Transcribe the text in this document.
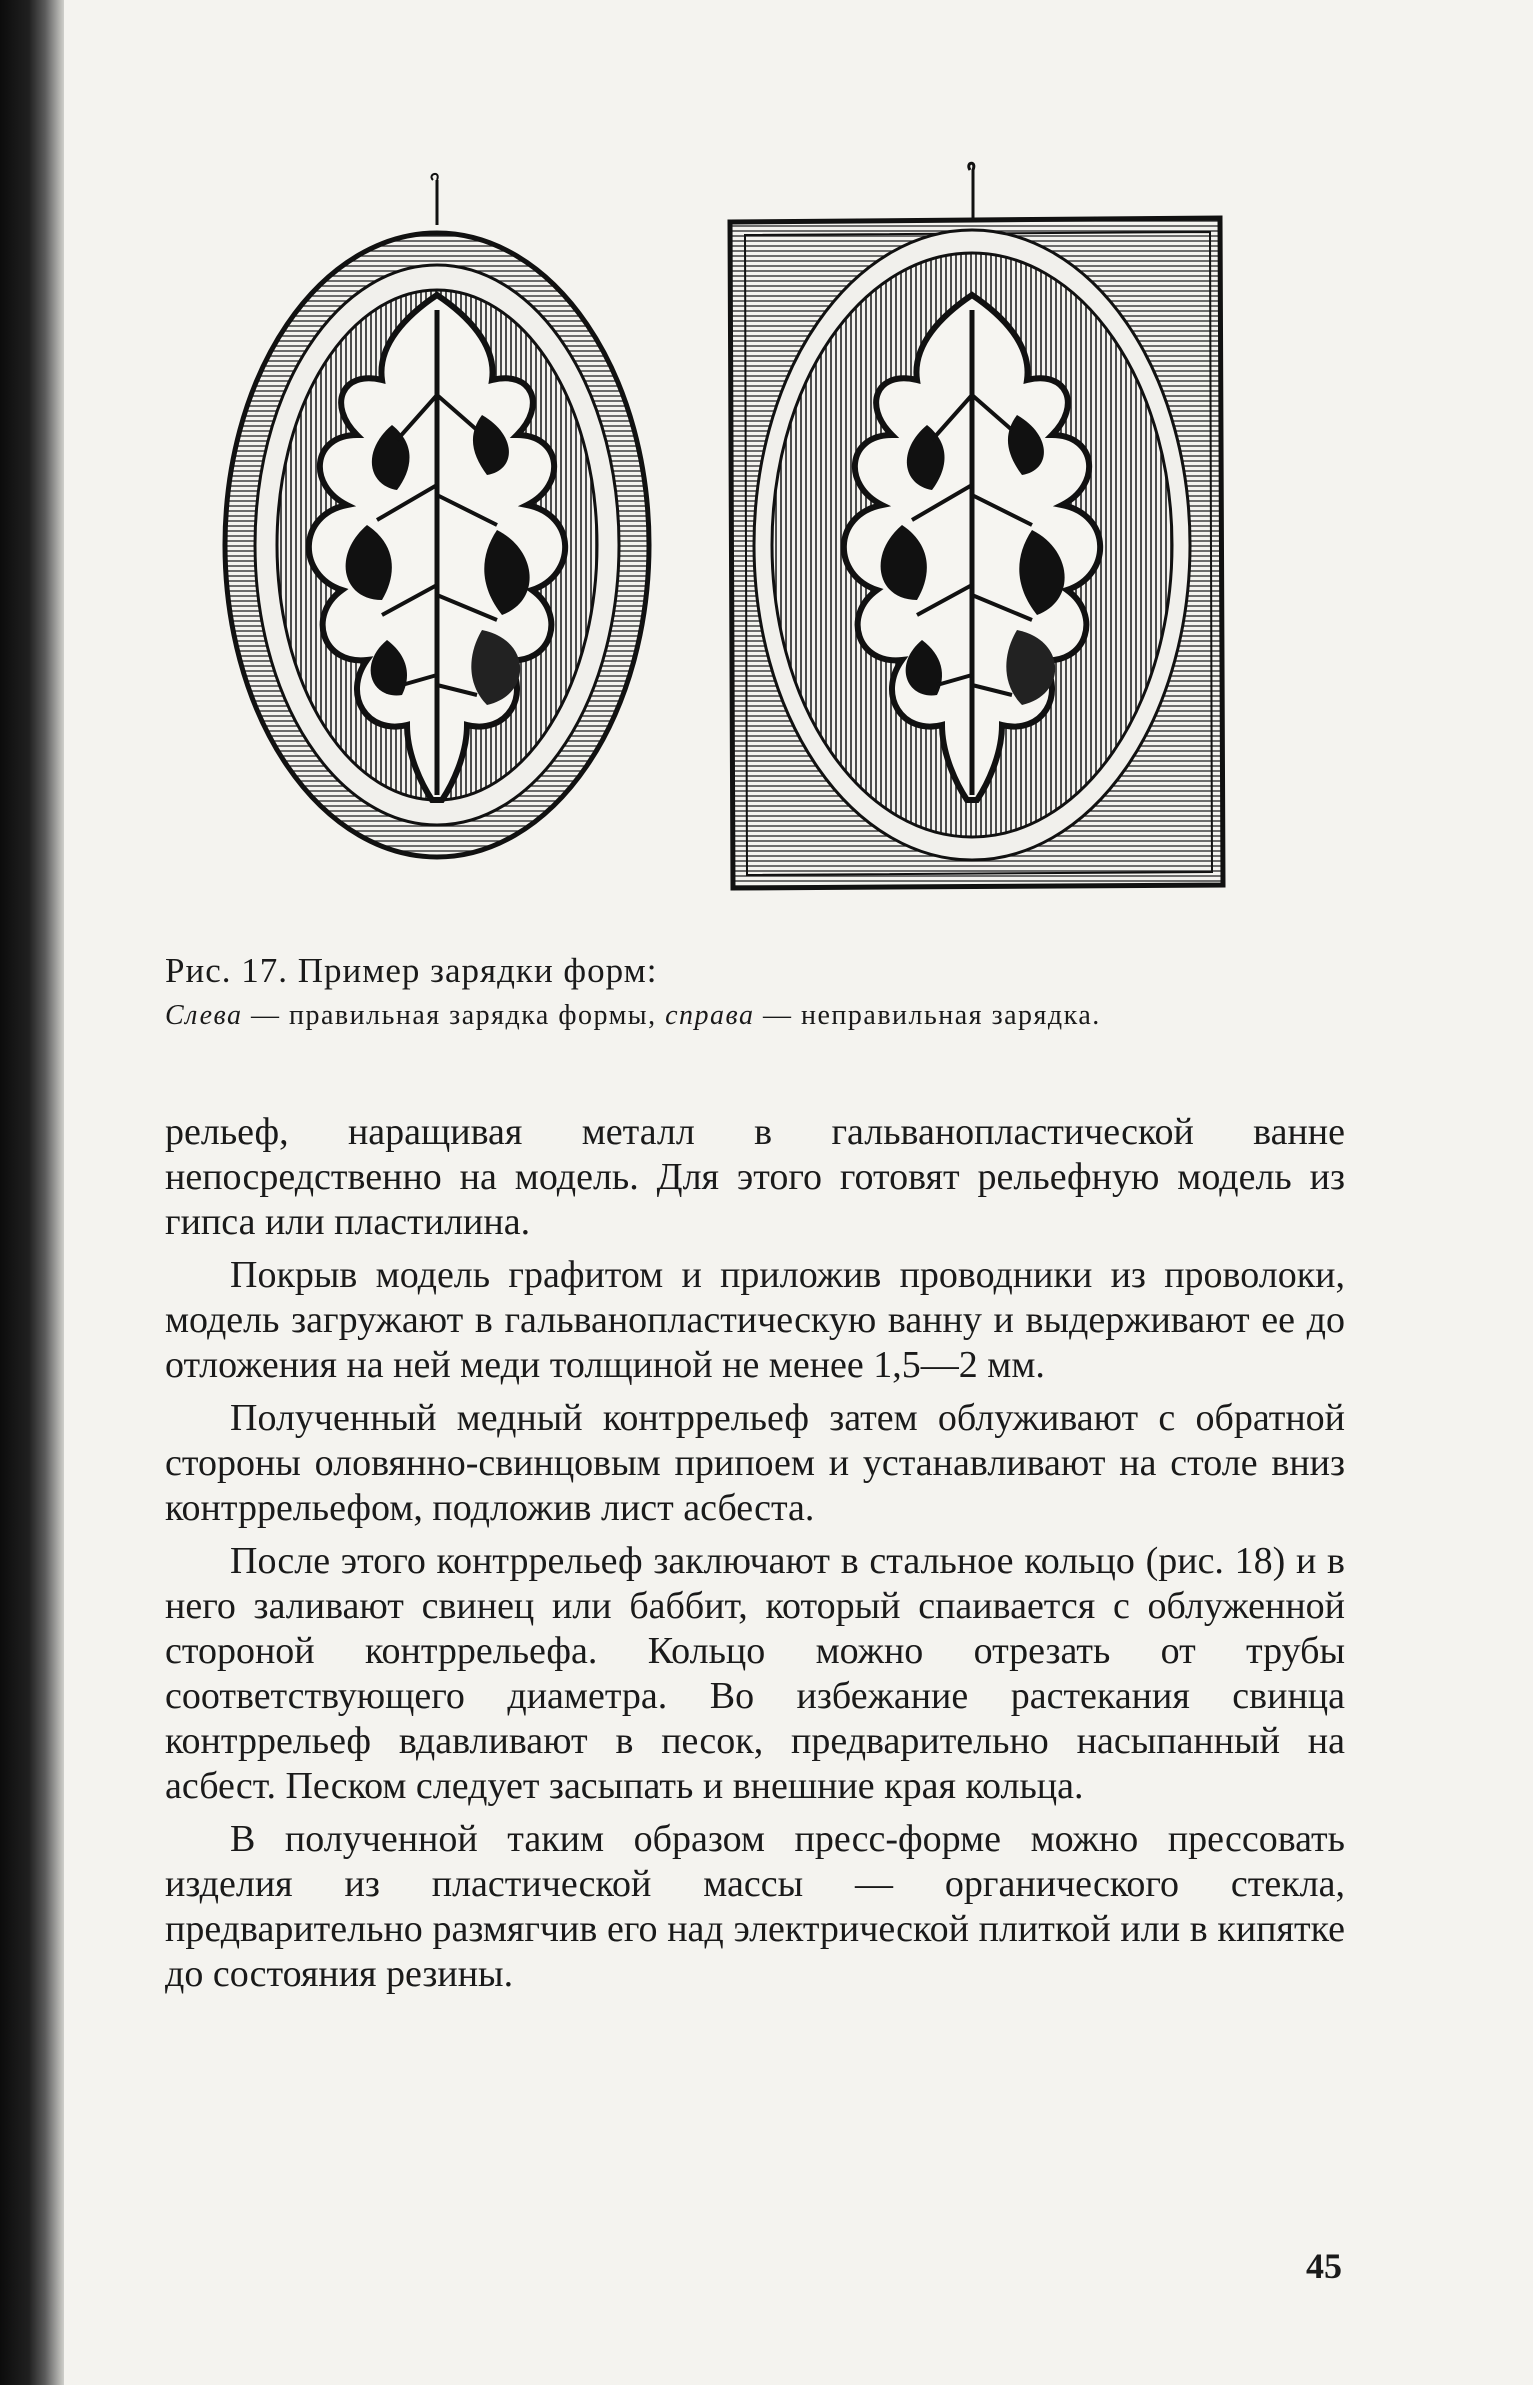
Рис. 17. Пример зарядки форм:

Слева — правильная зарядка формы, справа — неправильная зарядка.

рельеф, наращивая металл в гальванопластической ванне непосредственно на модель. Для этого готовят рельефную модель из гипса или пластилина.

Покрыв модель графитом и приложив проводники из проволоки, модель загружают в гальванопластическую ванну и выдерживают ее до отложения на ней меди толщиной не менее 1,5—2 мм.

Полученный медный контррельеф затем облуживают с обратной стороны оловянно-свинцовым припоем и устанавливают на столе вниз контррельефом, подложив лист асбеста.

После этого контррельеф заключают в стальное кольцо (рис. 18) и в него заливают свинец или баббит, который спаивается с облуженной стороной контррельефа. Кольцо можно отрезать от трубы соответствующего диаметра. Во избежание растекания свинца контррельеф вдавливают в песок, предварительно насыпанный на асбест. Песком следует засыпать и внешние края кольца.

В полученной таким образом пресс-форме можно прессовать изделия из пластической массы — органического стекла, предварительно размягчив его над электрической плиткой или в кипятке до состояния резины.

45
